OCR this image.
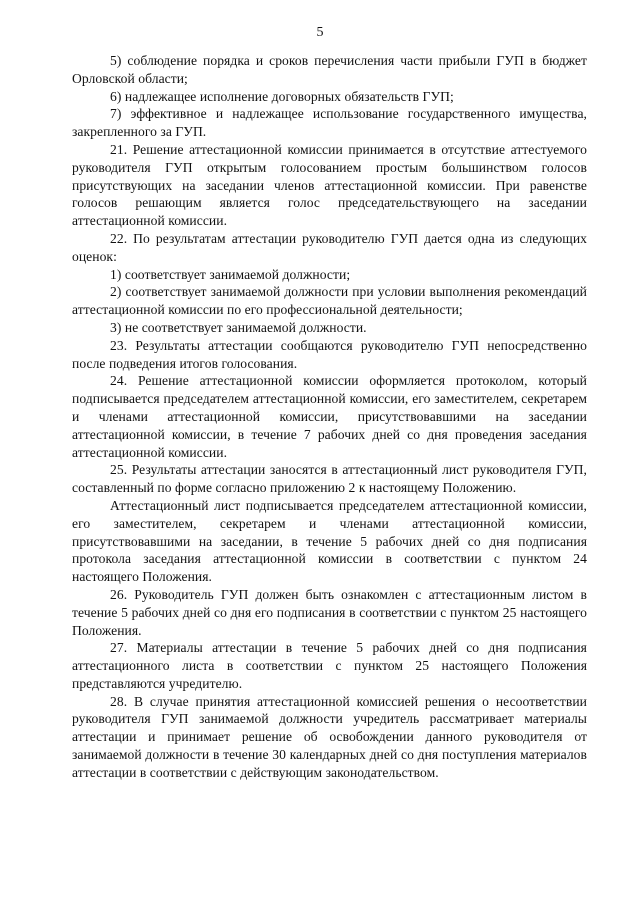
5

5) соблюдение порядка и сроков перечисления части прибыли ГУП в бюджет Орловской области;

6) надлежащее исполнение договорных обязательств ГУП;

7) эффективное и надлежащее использование государственного имущества, закрепленного за ГУП.

21. Решение аттестационной комиссии принимается в отсутствие аттестуемого руководителя ГУП открытым голосованием простым большинством голосов присутствующих на заседании членов аттестационной комиссии. При равенстве голосов решающим является голос председательствующего на заседании аттестационной комиссии.

22. По результатам аттестации руководителю ГУП дается одна из следующих оценок:

1) соответствует занимаемой должности;

2) соответствует занимаемой должности при условии выполнения рекомендаций аттестационной комиссии по его профессиональной деятельности;

3) не соответствует занимаемой должности.

23. Результаты аттестации сообщаются руководителю ГУП непосредственно после подведения итогов голосования.

24. Решение аттестационной комиссии оформляется протоколом, который подписывается председателем аттестационной комиссии, его заместителем, секретарем и членами аттестационной комиссии, присутствовавшими на заседании аттестационной комиссии, в течение 7 рабочих дней со дня проведения заседания аттестационной комиссии.

25. Результаты аттестации заносятся в аттестационный лист руководителя ГУП, составленный по форме согласно приложению 2 к настоящему Положению.

Аттестационный лист подписывается председателем аттестационной комиссии, его заместителем, секретарем и членами аттестационной комиссии, присутствовавшими на заседании, в течение 5 рабочих дней со дня подписания протокола заседания аттестационной комиссии в соответствии с пунктом 24 настоящего Положения.

26. Руководитель ГУП должен быть ознакомлен с аттестационным листом в течение 5 рабочих дней со дня его подписания в соответствии с пунктом 25 настоящего Положения.

27. Материалы аттестации в течение 5 рабочих дней со дня подписания аттестационного листа в соответствии с пунктом 25 настоящего Положения представляются учредителю.

28. В случае принятия аттестационной комиссией решения о несоответствии руководителя ГУП занимаемой должности учредитель рассматривает материалы аттестации и принимает решение об освобождении данного руководителя от занимаемой должности в течение 30 календарных дней со дня поступления материалов аттестации в соответствии с действующим законодательством.
